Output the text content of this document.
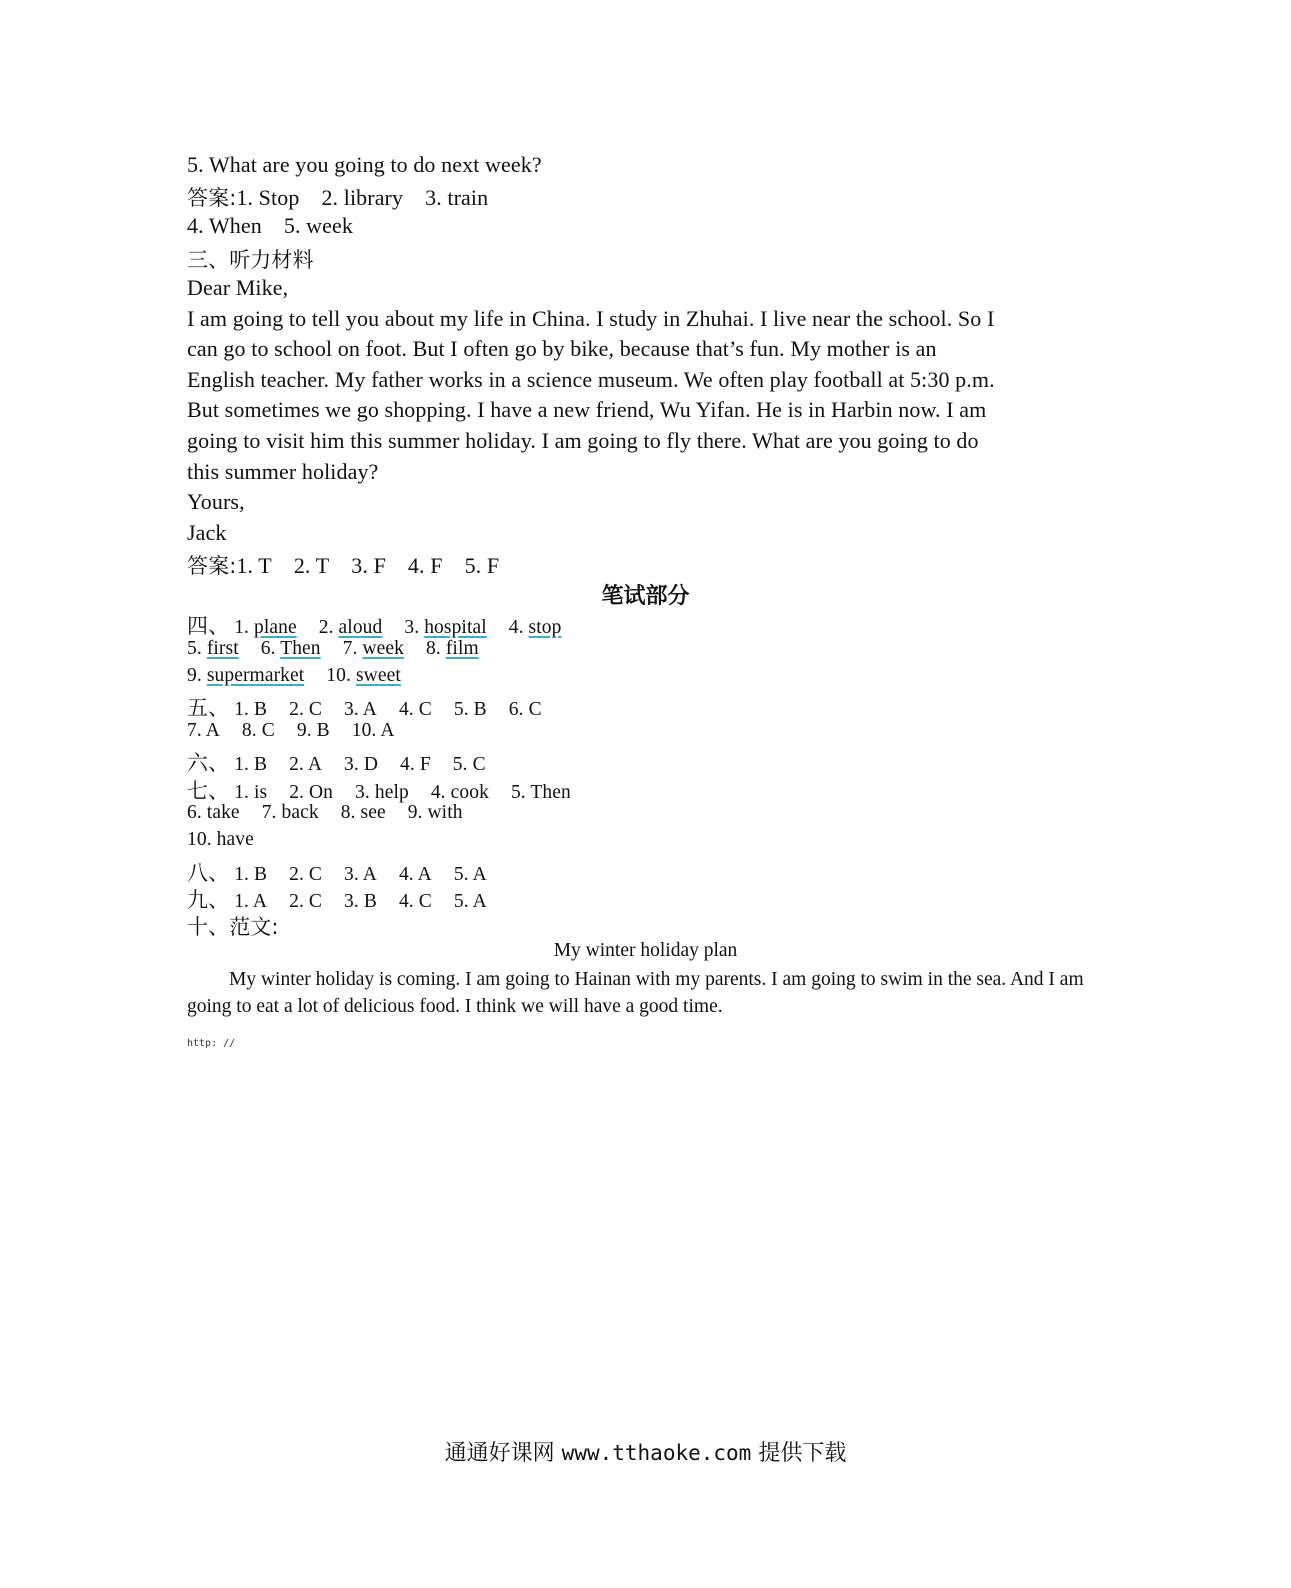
5. What are you going to do next week?
答案:1. Stop 2. library 3. train
4. When 5. week
三、听力材料
Dear Mike,
I am going to tell you about my life in China. I study in Zhuhai. I live near the school. So I
can go to school on foot. But I often go by bike, because that’s fun. My mother is an
English teacher. My father works in a science museum. We often play football at 5:30 p.m.
But sometimes we go shopping. I have a new friend, Wu Yifan. He is in Harbin now. I am
going to visit him this summer holiday. I am going to fly there. What are you going to do
this summer holiday?
Yours,
Jack
答案:1. T 2. T 3. F 4. F 5. F
笔试部分
四、 1. plane 2. aloud 3. hospital 4. stop
5. first 6. Then 7. week 8. film
9. supermarket 10. sweet
五、 1. B 2. C 3. A 4. C 5. B 6. C
7. A 8. C 9. B 10. A
六、 1. B 2. A 3. D 4. F 5. C
七、 1. is 2. On 3. help 4. cook 5. Then
6. take 7. back 8. see 9. with
10. have
八、 1. B 2. C 3. A 4. A 5. A
九、 1. A 2. C 3. B 4. C 5. A
十、范文:
My winter holiday plan

My winter holiday is coming. I am going to Hainan with my parents. I am going to swim in the sea. And I am going to eat a lot of delicious food. I think we will have a good time.

http: //
通通好课网 www.tthaoke.com 提供下载
